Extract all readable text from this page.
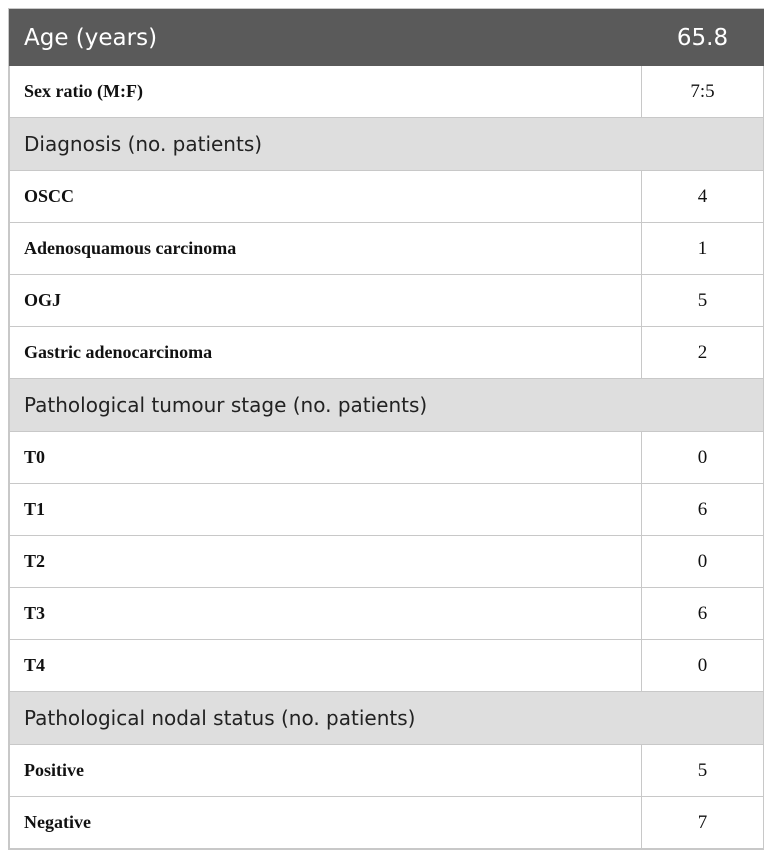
Age (years)	65.8
Sex ratio (M:F)	7:5
Diagnosis (no. patients)	
OSCC	4
Adenosquamous carcinoma	1
OGJ	5
Gastric adenocarcinoma	2
Pathological tumour stage (no. patients)	
T0	0
T1	6
T2	0
T3	6
T4	0
Pathological nodal status (no. patients)	
Positive	5
Negative	7
